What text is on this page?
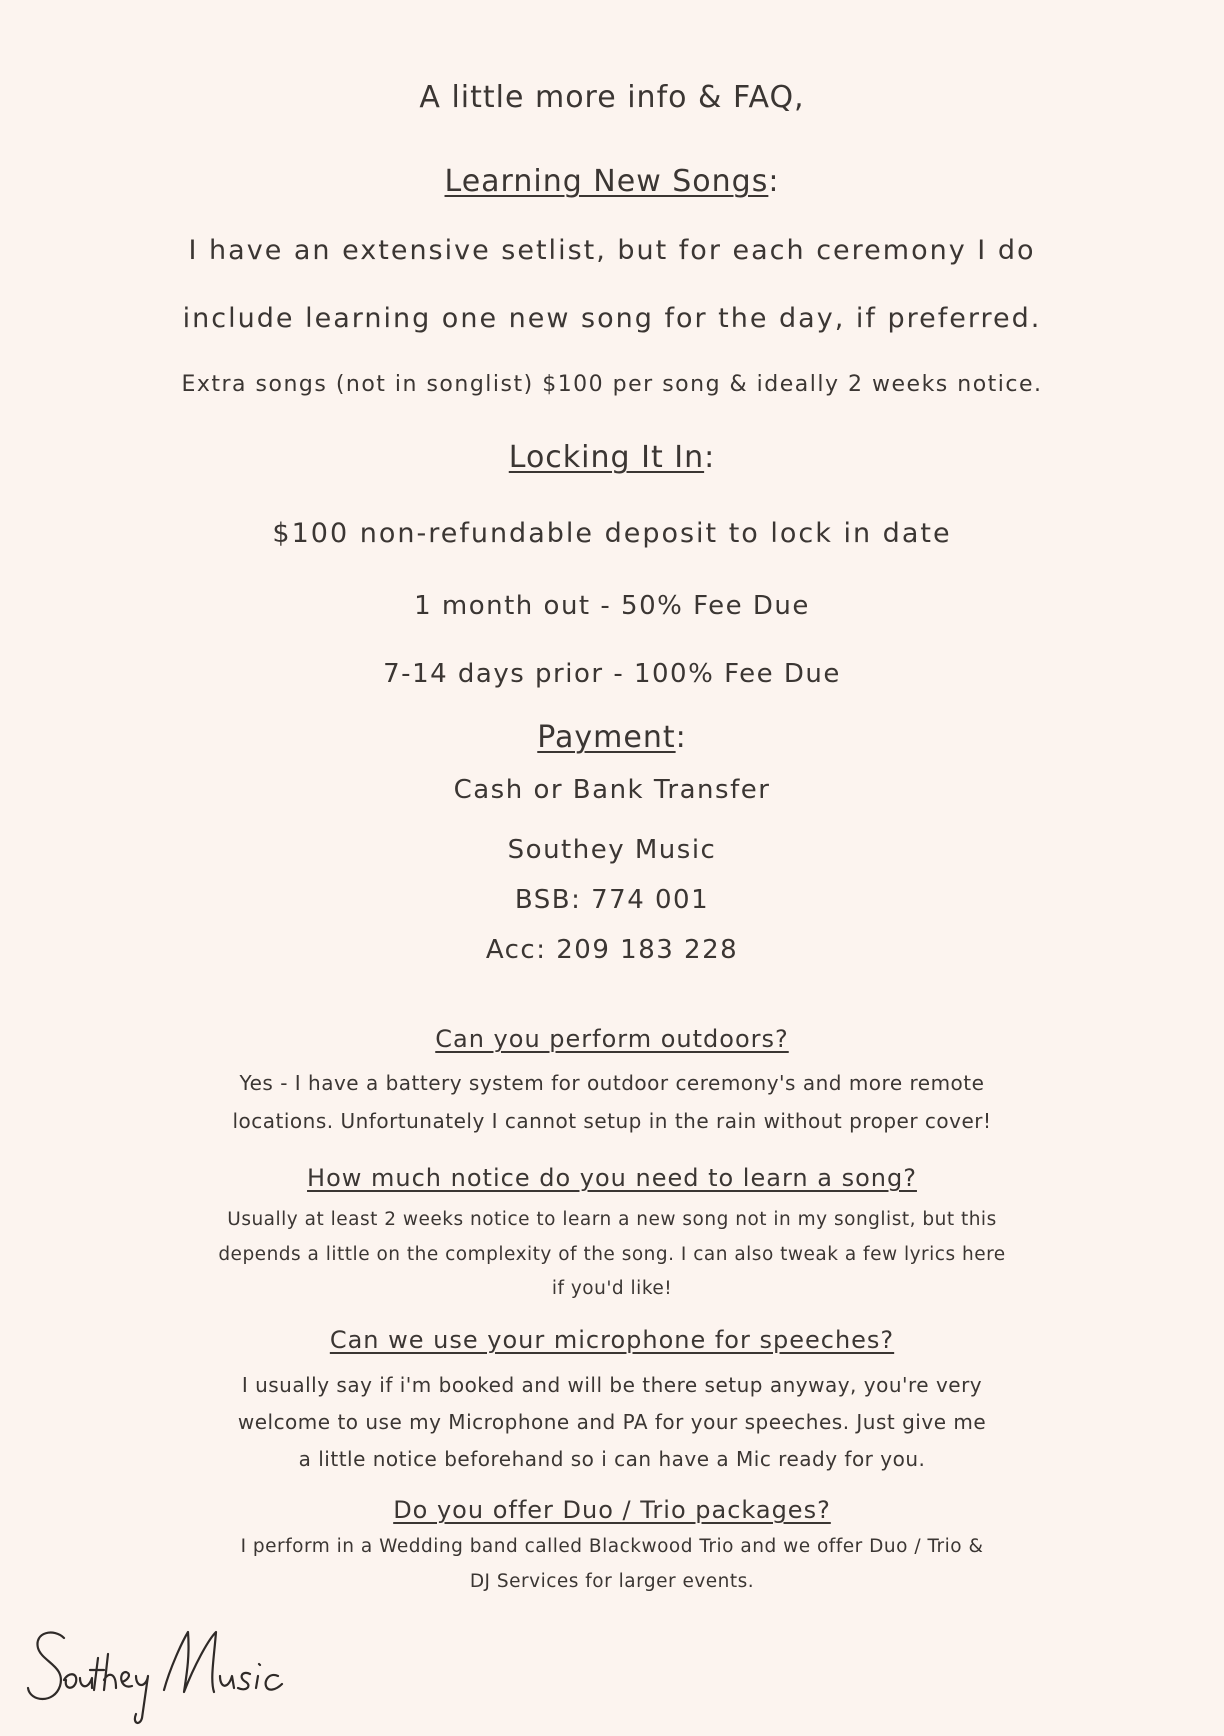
A little more info & FAQ,
Learning New Songs:
I have an extensive setlist, but for each ceremony I do
include learning one new song for the day, if preferred.
Extra songs (not in songlist) $100 per song & ideally 2 weeks notice.
Locking It In:
$100 non-refundable deposit to lock in date
1 month out - 50% Fee Due
7-14 days prior - 100% Fee Due
Payment:
Cash or Bank Transfer
Southey Music
BSB: 774 001
Acc: 209 183 228
Can you perform outdoors?
Yes - I have a battery system for outdoor ceremony's and more remote
locations. Unfortunately I cannot setup in the rain without proper cover!
How much notice do you need to learn a song?
Usually at least 2 weeks notice to learn a new song not in my songlist, but this
depends a little on the complexity of the song. I can also tweak a few lyrics here
if you'd like!
Can we use your microphone for speeches?
I usually say if i'm booked and will be there setup anyway, you're very
welcome to use my Microphone and PA for your speeches. Just give me
a little notice beforehand so i can have a Mic ready for you.
Do you offer Duo / Trio packages?
I perform in a Wedding band called Blackwood Trio and we offer Duo / Trio &
DJ Services for larger events.
